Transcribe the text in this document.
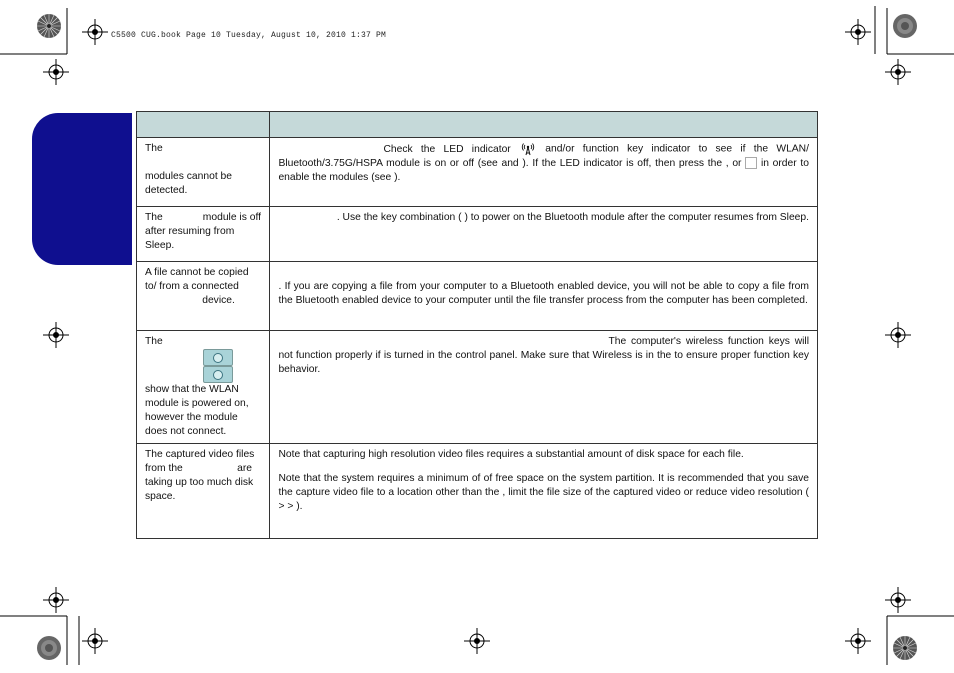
C5500 CUG.book Page 10 Tuesday, August 10, 2010 1:37 PM

The

modules cannot be detected.	Check the LED indicator and/or function key indicator to see if the WLAN/ Bluetooth/3.75G/HSPA module is on or off (see and ). If the LED indicator is off, then press the , or in order to enable the modules (see ).
The              module is off after resuming from Sleep.	. Use the key combination ( ) to power on the Bluetooth module after the computer resumes from Sleep.
A file cannot be copied to/ from a connected
device.	. If you are copying a file from your computer to a Bluetooth enabled device, you will not be able to copy a file from the Bluetooth enabled device to your computer until the file transfer process from the computer has been completed.

The
show that the WLAN module is powered on, however the module does not connect.	The computer's wireless function keys will not function properly if is turned in the control panel. Make sure that Wireless is in the to ensure proper function key behavior.
The captured video files from the                   are taking up too much disk space.	Note that capturing high resolution video files requires a substantial amount of disk space for each file.
Note that the system requires a minimum of of free space on the system partition. It is recommended that you save the capture video file to a location other than the , limit the file size of the captured video or reduce video resolution ( > > ).
